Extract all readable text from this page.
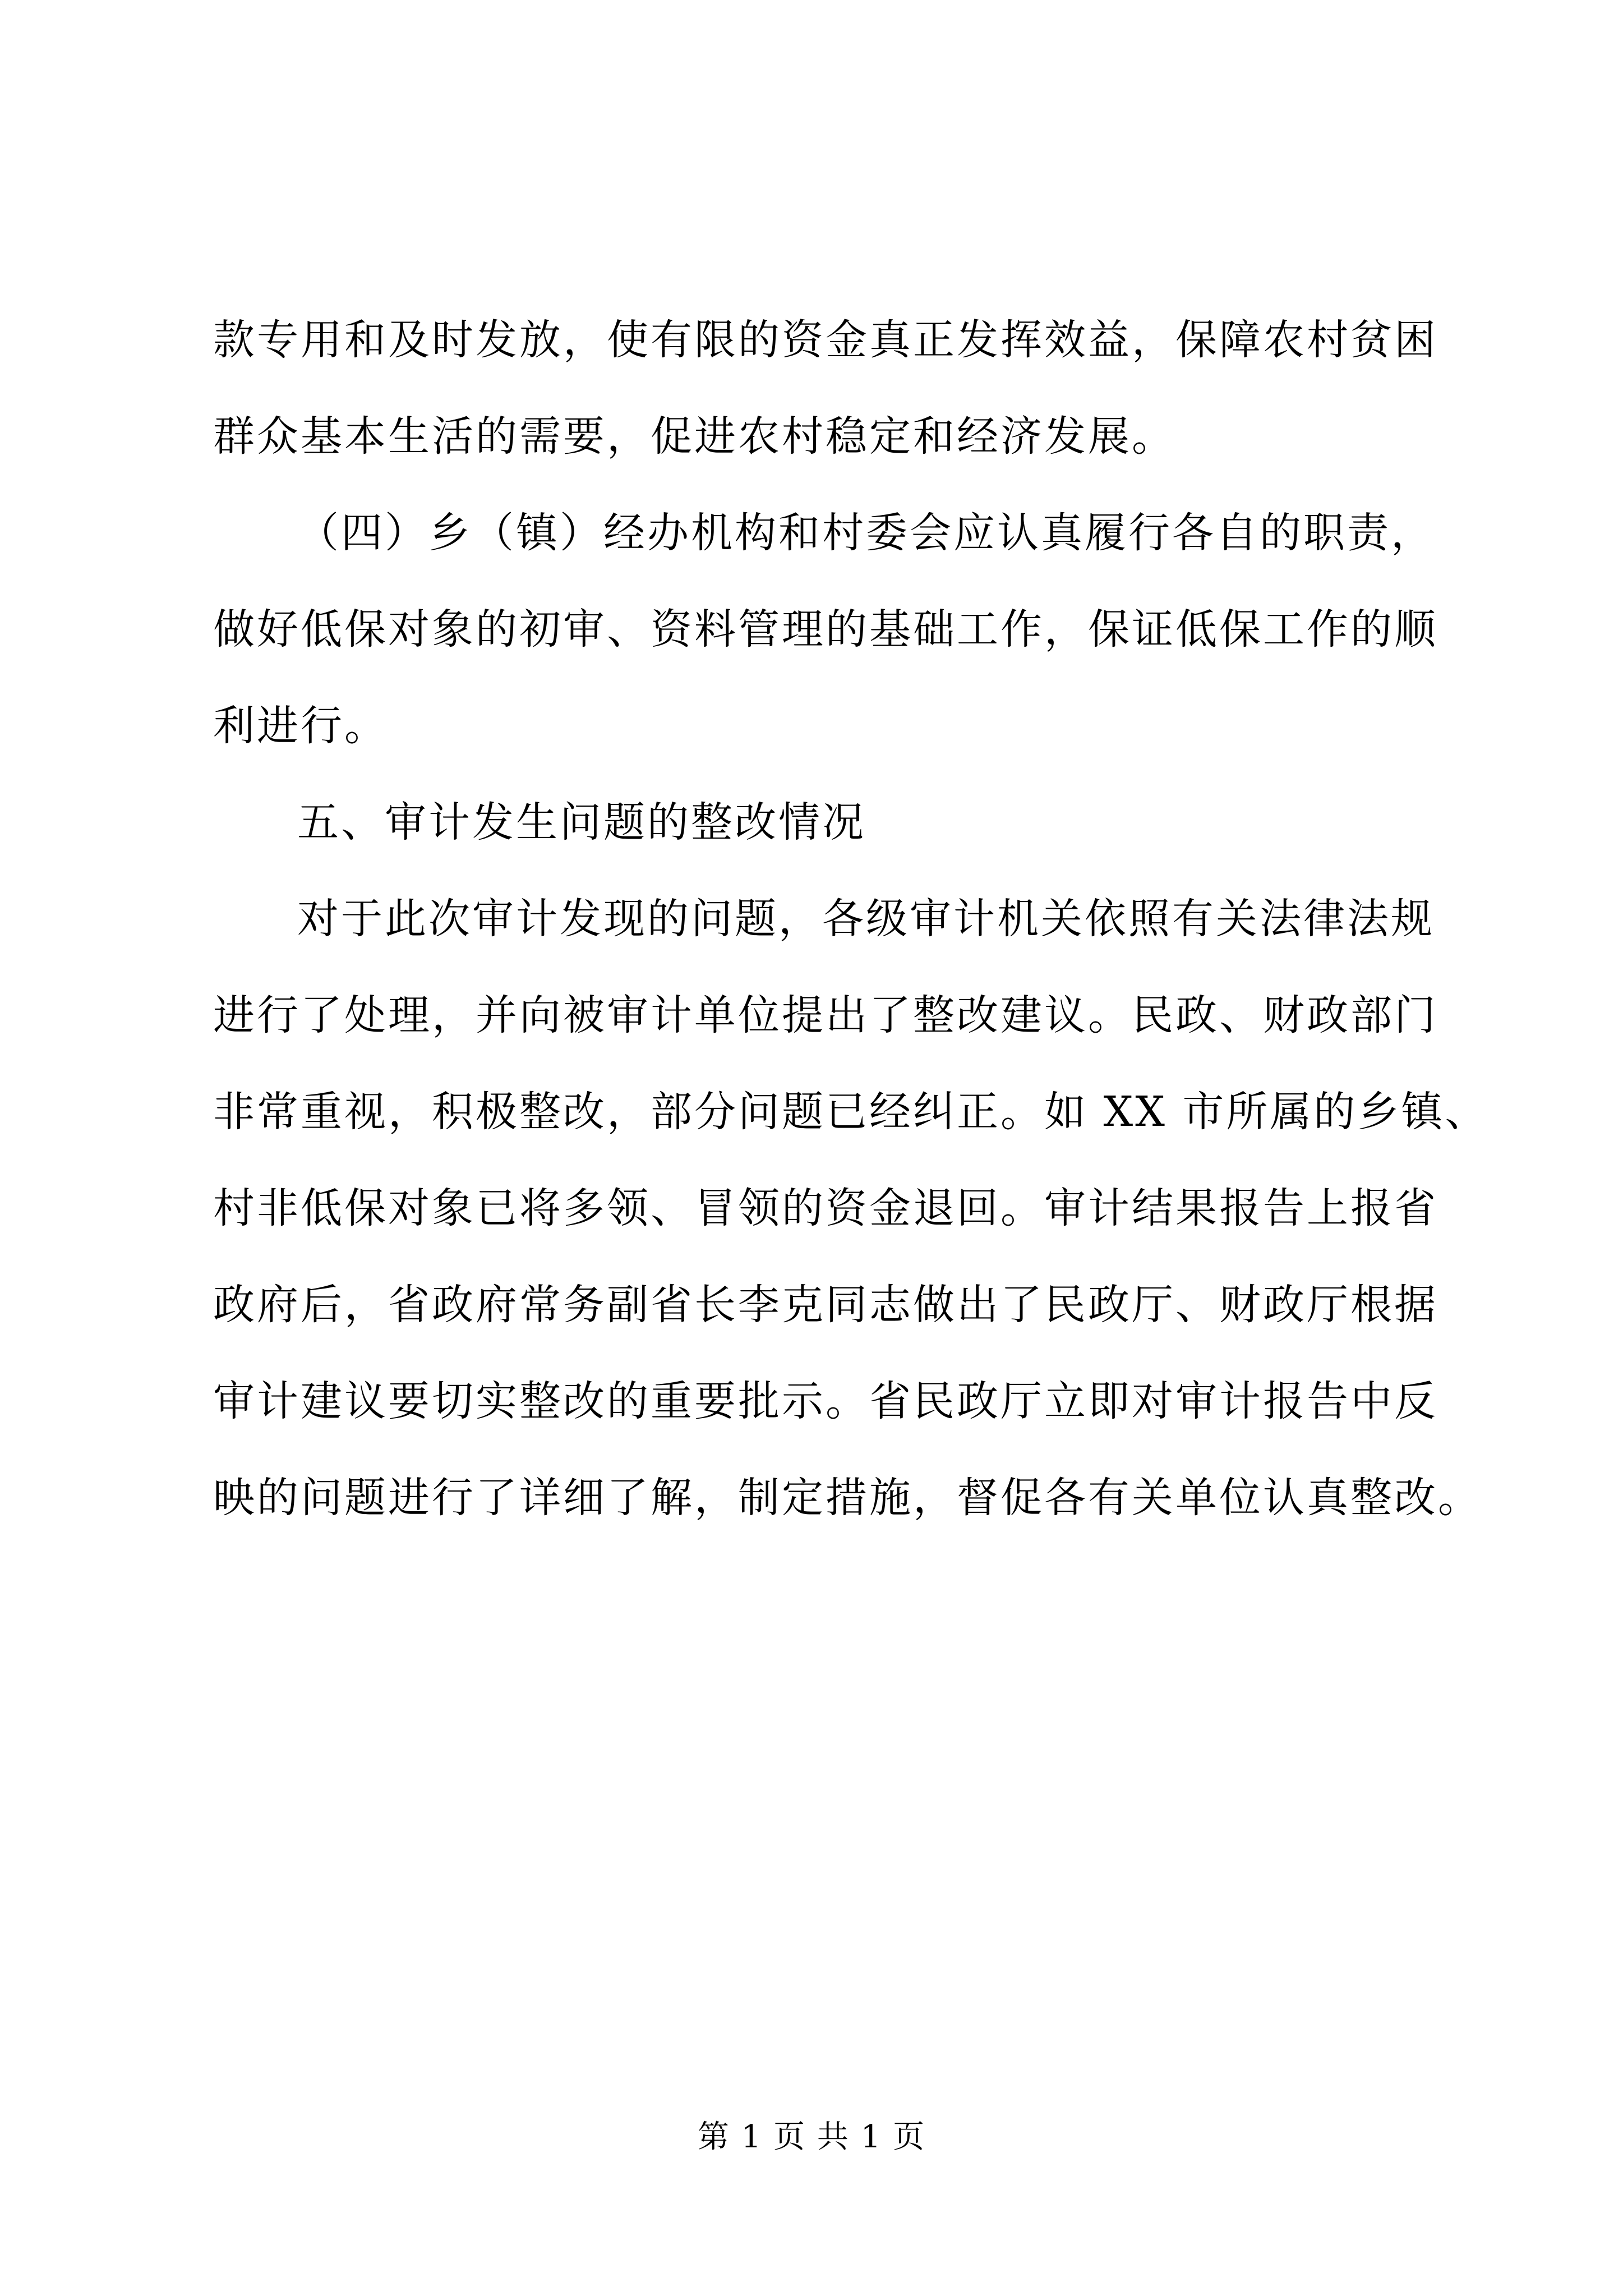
款专用和及时发放，使有限的资金真正发挥效益，保障农村贫困
群众基本生活的需要，促进农村稳定和经济发展。
（四）乡（镇）经办机构和村委会应认真履行各自的职责，
做好低保对象的初审、资料管理的基础工作，保证低保工作的顺
利进行。
五、审计发生问题的整改情况
对于此次审计发现的问题，各级审计机关依照有关法律法规
进行了处理，并向被审计单位提出了整改建议。民政、财政部门
非常重视，积极整改，部分问题已经纠正。如 XX 市所属的乡镇、
村非低保对象已将多领、冒领的资金退回。审计结果报告上报省
政府后，省政府常务副省长李克同志做出了民政厅、财政厅根据
审计建议要切实整改的重要批示。省民政厅立即对审计报告中反
映的问题进行了详细了解，制定措施，督促各有关单位认真整改。
第 1 页 共 1 页
